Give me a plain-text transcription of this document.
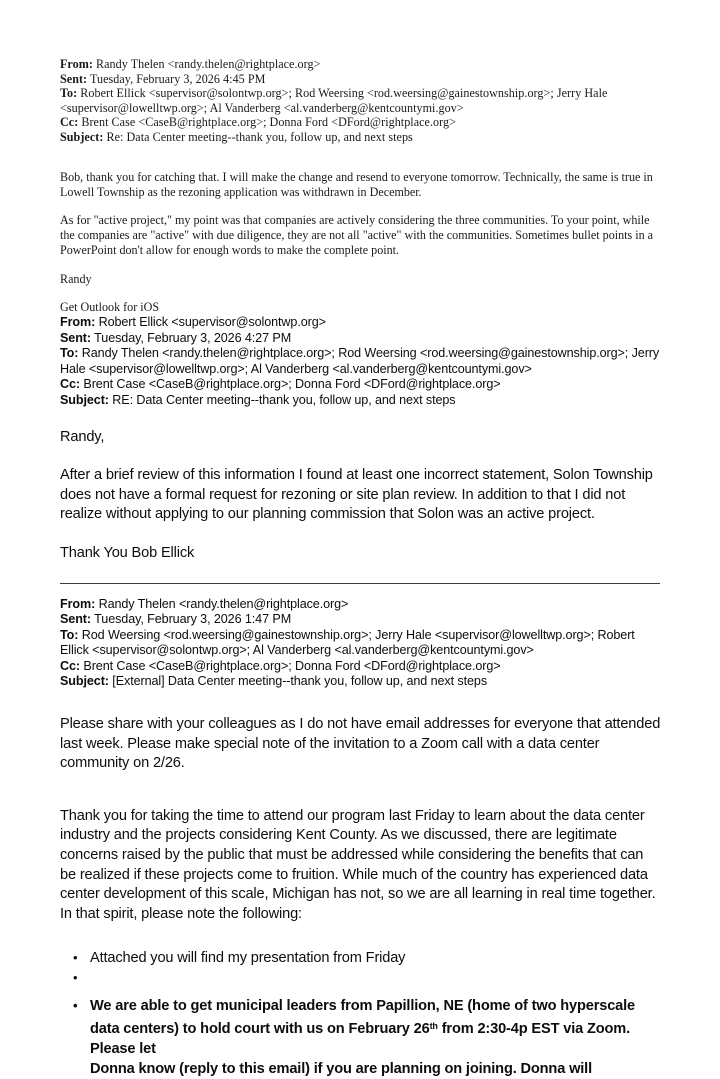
From: Randy Thelen <randy.thelen@rightplace.org>
Sent: Tuesday, February 3, 2026 4:45 PM
To: Robert Ellick <supervisor@solontwp.org>; Rod Weersing <rod.weersing@gainestownship.org>; Jerry Hale <supervisor@lowelltwp.org>; Al Vanderberg <al.vanderberg@kentcountymi.gov>
Cc: Brent Case <CaseB@rightplace.org>; Donna Ford <DFord@rightplace.org>
Subject: Re: Data Center meeting--thank you, follow up, and next steps

Bob, thank you for catching that. I will make the change and resend to everyone tomorrow. Technically, the same is true in Lowell Township as the rezoning application was withdrawn in December.

As for "active project," my point was that companies are actively considering the three communities. To your point, while the companies are "active" with due diligence, they are not all "active" with the communities. Sometimes bullet points in a PowerPoint don't allow for enough words to make the complete point.

Randy

Get Outlook for iOS

From: Robert Ellick <supervisor@solontwp.org>
Sent: Tuesday, February 3, 2026 4:27 PM
To: Randy Thelen <randy.thelen@rightplace.org>; Rod Weersing <rod.weersing@gainestownship.org>; Jerry Hale <supervisor@lowelltwp.org>; Al Vanderberg <al.vanderberg@kentcountymi.gov>
Cc: Brent Case <CaseB@rightplace.org>; Donna Ford <DFord@rightplace.org>
Subject: RE: Data Center meeting--thank you, follow up, and next steps

Randy,

After a brief review of this information I found at least one incorrect statement, Solon Township does not have a formal request for rezoning or site plan review. In addition to that I did not realize without applying to our planning commission that Solon was an active project.

Thank You Bob Ellick

From: Randy Thelen <randy.thelen@rightplace.org>
Sent: Tuesday, February 3, 2026 1:47 PM
To: Rod Weersing <rod.weersing@gainestownship.org>; Jerry Hale <supervisor@lowelltwp.org>; Robert Ellick <supervisor@solontwp.org>; Al Vanderberg <al.vanderberg@kentcountymi.gov>
Cc: Brent Case <CaseB@rightplace.org>; Donna Ford <DFord@rightplace.org>
Subject: [External] Data Center meeting--thank you, follow up, and next steps

Please share with your colleagues as I do not have email addresses for everyone that attended last week. Please make special note of the invitation to a Zoom call with a data center community on 2/26.

Thank you for taking the time to attend our program last Friday to learn about the data center industry and the projects considering Kent County. As we discussed, there are legitimate concerns raised by the public that must be addressed while considering the benefits that can be realized if these projects come to fruition. While much of the country has experienced data center development of this scale, Michigan has not, so we are all learning in real time together. In that spirit, please note the following:

• Attached you will find my presentation from Friday
•
• We are able to get municipal leaders from Papillion, NE (home of two hyperscale data centers) to hold court with us on February 26th from 2:30-4p EST via Zoom. Please let
Donna know (reply to this email) if you are planning on joining. Donna will
